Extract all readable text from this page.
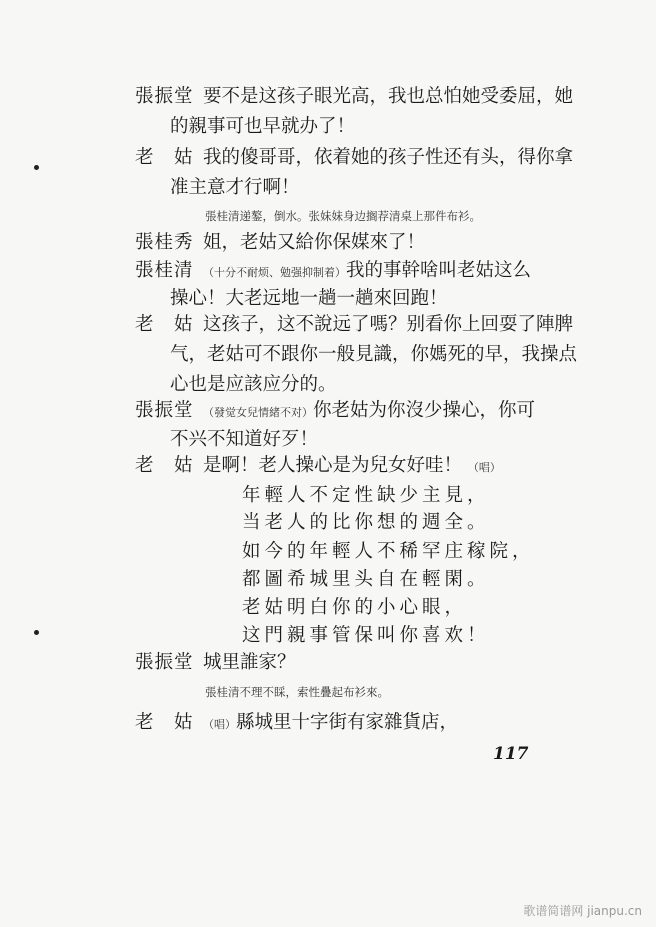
張振堂 要不是这孩子眼光高，我也总怕她受委屈，她
的親事可也早就办了！
老　姑 我的傻哥哥，依着她的孩子性还有头，得你拿
准主意才行啊！
張桂清递鏊，倒水。张妹妹身边搁荐清桌上那件布衫。
張桂秀 姐，老姑又給你保媒來了！
張桂清 （十分不耐烦、勉强抑制着）我的事幹啥叫老姑这么
操心！大老远地一趟一趟來回跑！
老　姑 这孩子，这不說远了嗎？别看你上回耍了陣脾
气，老姑可不跟你一般見識，你媽死的早，我操点
心也是应該应分的。
張振堂 （發觉女兒情緒不对）你老姑为你沒少操心，你可
不兴不知道好歹！
老　姑 是啊！老人操心是为兒女好哇！ （唱）
年輕人不定性缺少主見，
当老人的比你想的週全。
如今的年輕人不稀罕庄稼院，
都圖希城里头自在輕閑。
老姑明白你的小心眼，
这門親事管保叫你喜欢！
張振堂 城里誰家？
張桂清不理不睬，索性疊起布衫來。
老　姑 （唱）縣城里十字街有家雜貨店，
117
歌谱简谱网 jianpu.cn
